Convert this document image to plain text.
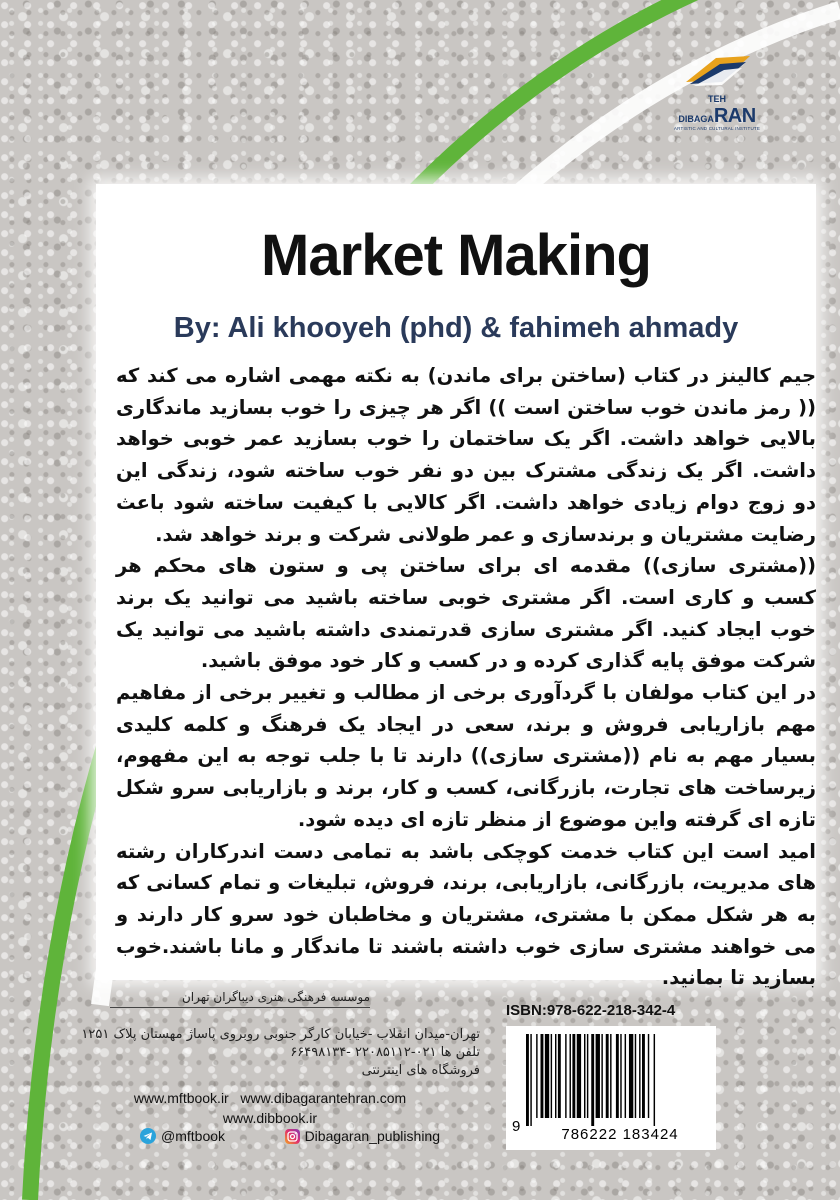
TEH
DIBAGARAN
ARTISTIC AND CULTURAL INSTITUTE
Market Making
By: Ali khooyeh (phd) & fahimeh ahmady

جیم کالینز در کتاب (ساختن برای ماندن) به نکته مهمی اشاره می کند که (( رمز ماندن خوب ساختن است )) اگر هر چیزی را خوب بسازید ماندگاری بالایی خواهد داشت. اگر یک ساختمان را خوب بسازید عمر خوبی خواهد داشت. اگر یک زندگی مشترک بین دو نفر خوب ساخته شود، زندگی این دو زوج دوام زیادی خواهد داشت. اگر کالایی با کیفیت ساخته شود باعث رضایت مشتریان و برندسازی و عمر طولانی شرکت و برند خواهد شد.

((مشتری سازی)) مقدمه ای برای ساختن پی و ستون های محکم هر کسب و کاری است. اگر مشتری خوبی ساخته باشید می توانید یک برند خوب ایجاد کنید. اگر مشتری سازی قدرتمندی داشته باشید می توانید یک شرکت موفق پایه گذاری کرده و در کسب و کار خود موفق باشید.

در این کتاب مولفان با گردآوری برخی از مطالب و تغییر برخی از مفاهیم مهم بازاریابی فروش و برند، سعی در ایجاد یک فرهنگ و کلمه کلیدی بسیار مهم به نام ((مشتری سازی)) دارند تا با جلب توجه به این مفهوم، زیرساخت های تجارت، بازرگانی، کسب و کار، برند و بازاریابی سرو شکل تازه ای گرفته واین موضوع از منظر تازه ای دیده شود.

امید است این کتاب خدمت کوچکی باشد به تمامی دست اندرکاران رشته های مدیریت، بازرگانی، بازاریابی، برند، فروش، تبلیغات و تمام کسانی که به هر شکل ممکن با مشتری، مشتریان و مخاطبان خود سرو کار دارند و می خواهند مشتری سازی خوب داشته باشند تا ماندگار و مانا باشند.خوب بسازید تا بمانید.

موسسه فرهنگی هنری دیباگران تهران
تهران-میدان انقلاب -خیابان کارگر جنوبی روبروی پاساژ مهستان پلاک ۱۲۵۱
تلفن ها ۰۲۱-۲۲۰۸۵۱۱۲ -۶۶۴۹۸۱۳۴
فروشگاه های اینترنتی
www.mftbook.ir www.dibagarantehran.com
www.dibbook.ir
@mftbook	Dibagaran_publishing
ISBN:978-622-218-342-4
9	786222 183424
